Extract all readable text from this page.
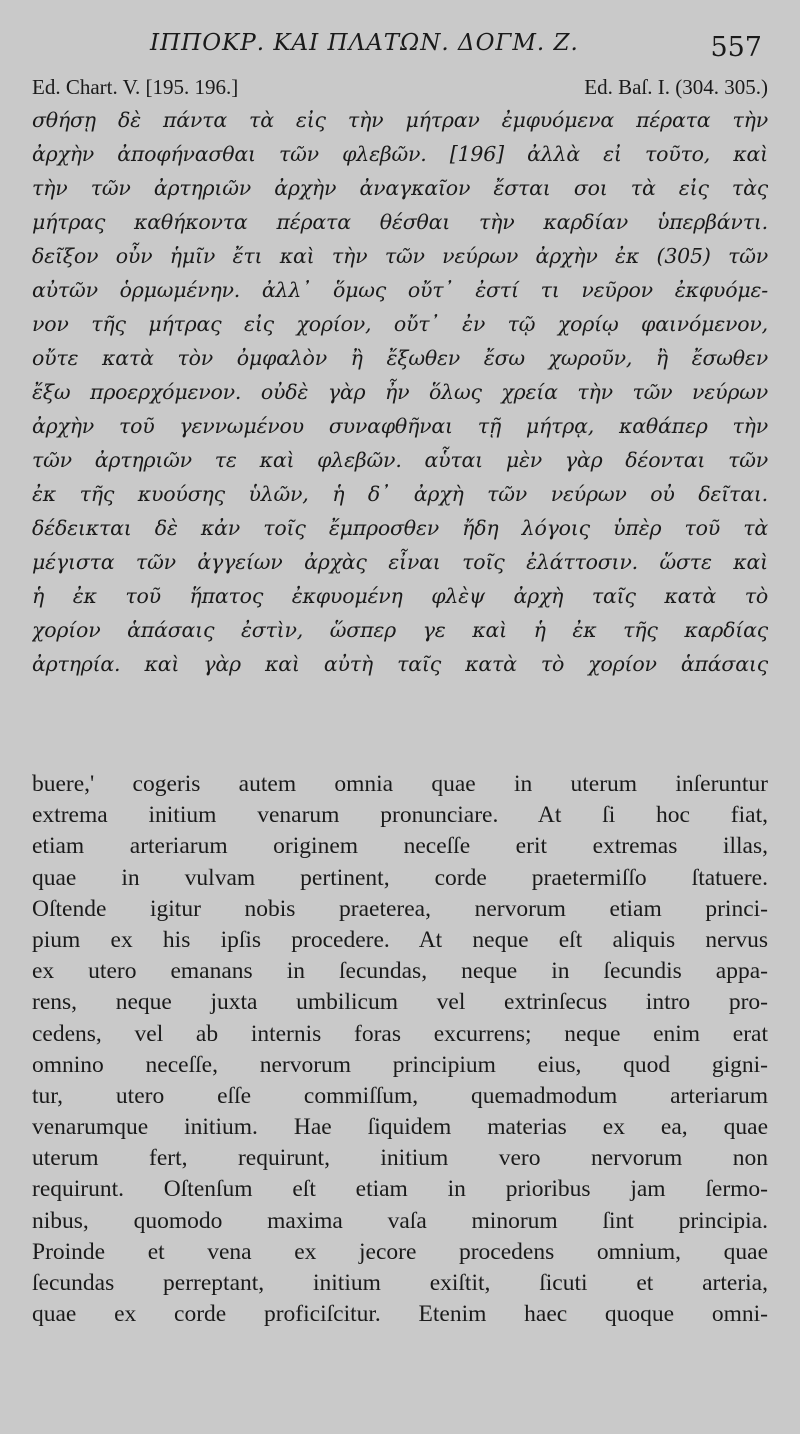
ΙΠΠΟΚΡ. ΚΑΙ ΠΛΑΤΩΝ. ΔΟΓΜ. Ζ.	557
Ed. Chart. V. [195. 196.]	Ed. Baſ. I. (304. 305.)
σθήσῃ δὲ πάντα τὰ εἰς τὴν μήτραν ἐμφυόμενα πέρατα τὴν
ἀρχὴν ἀποφήνασθαι τῶν φλεβῶν. [196] ἀλλὰ εἰ τοῦτο, καὶ
τὴν τῶν ἀρτηριῶν ἀρχὴν ἀναγκαῖον ἔσται σοι τὰ εἰς τὰς
μήτρας καθήκοντα πέρατα θέσθαι τὴν καρδίαν ὑπερβάντι.
δεῖξον οὖν ἡμῖν ἔτι καὶ τὴν τῶν νεύρων ἀρχὴν ἐκ (305) τῶν
αὐτῶν ὁρμωμένην. ἀλλ᾽ ὅμως οὔτ᾽ ἐστί τι νεῦρον ἐκφυόμε-
νον τῆς μήτρας εἰς χορίον, οὔτ᾽ ἐν τῷ χορίῳ φαινόμενον,
οὔτε κατὰ τὸν ὀμφαλὸν ἢ ἔξωθεν ἔσω χωροῦν, ἢ ἔσωθεν
ἔξω προερχόμενον. οὐδὲ γὰρ ἦν ὅλως χρεία τὴν τῶν νεύρων
ἀρχὴν τοῦ γεννωμένου συναφθῆναι τῇ μήτρᾳ, καθάπερ τὴν
τῶν ἀρτηριῶν τε καὶ φλεβῶν. αὗται μὲν γὰρ δέονται τῶν
ἐκ τῆς κυούσης ὑλῶν, ἡ δ᾽ ἀρχὴ τῶν νεύρων οὐ δεῖται.
δέδεικται δὲ κἀν τοῖς ἔμπροσθεν ἤδη λόγοις ὑπὲρ τοῦ τὰ
μέγιστα τῶν ἀγγείων ἀρχὰς εἶναι τοῖς ἐλάττοσιν. ὥστε καὶ
ἡ ἐκ τοῦ ἥπατος ἐκφυομένη φλὲψ ἀρχὴ ταῖς κατὰ τὸ
χορίον ἁπάσαις ἐστὶν, ὥσπερ γε καὶ ἡ ἐκ τῆς καρδίας
ἀρτηρία. καὶ γὰρ καὶ αὐτὴ ταῖς κατὰ τὸ χορίον ἁπάσαις
buere,' cogeris autem omnia quae in uterum inſeruntur
extrema initium venarum pronunciare. At ſi hoc fiat,
etiam arteriarum originem neceſſe erit extremas illas,
quae in vulvam pertinent, corde praetermiſſo ſtatuere.
Oſtende igitur nobis praeterea, nervorum etiam princi-
pium ex his ipſis procedere. At neque eſt aliquis nervus
ex utero emanans in ſecundas, neque in ſecundis appa-
rens, neque juxta umbilicum vel extrinſecus intro pro-
cedens, vel ab internis foras excurrens; neque enim erat
omnino neceſſe, nervorum principium eius, quod gigni-
tur, utero eſſe commiſſum, quemadmodum arteriarum
venarumque initium. Hae ſiquidem materias ex ea, quae
uterum fert, requirunt, initium vero nervorum non
requirunt. Oſtenſum eſt etiam in prioribus jam ſermo-
nibus, quomodo maxima vaſa minorum ſint principia.
Proinde et vena ex jecore procedens omnium, quae
ſecundas perreptant, initium exiſtit, ſicuti et arteria,
quae ex corde proficiſcitur. Etenim haec quoque omni-
